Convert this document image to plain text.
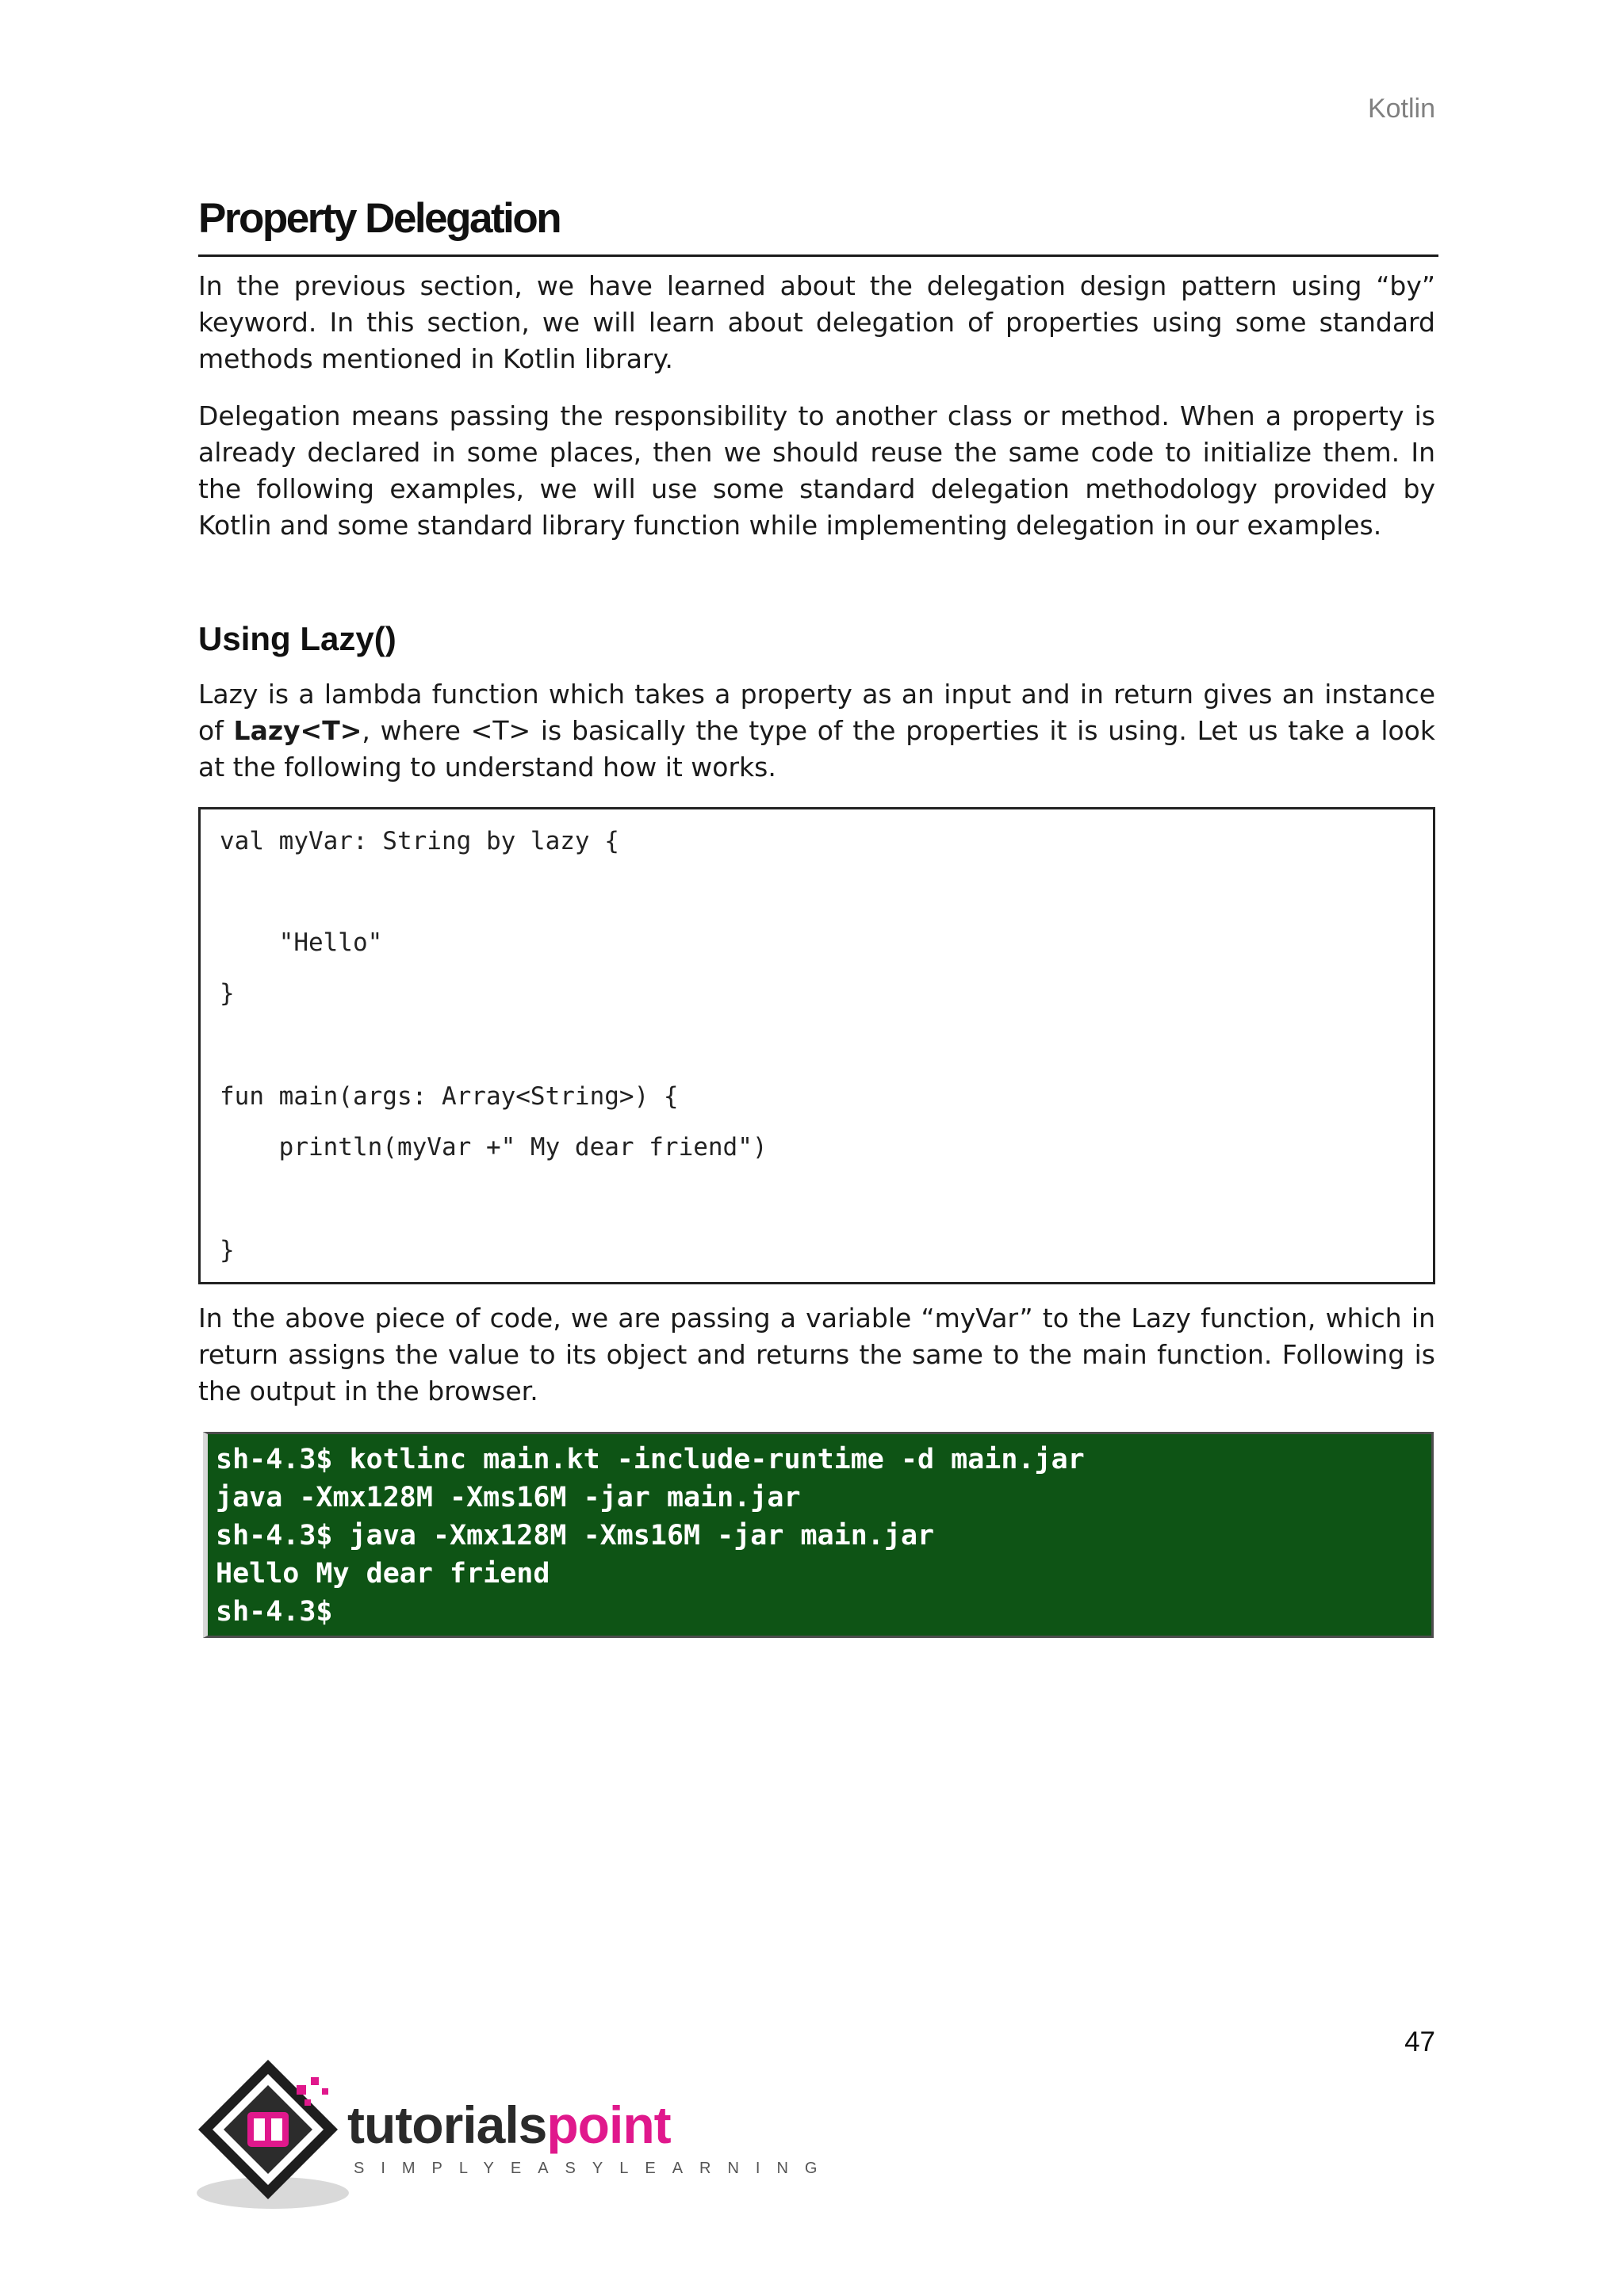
Kotlin
Property Delegation

In the previous section, we have learned about the delegation design pattern using “by” keyword. In this section, we will learn about delegation of properties using some standard methods mentioned in Kotlin library.

Delegation means passing the responsibility to another class or method. When a property is already declared in some places, then we should reuse the same code to initialize them. In the following examples, we will use some standard delegation methodology provided by Kotlin and some standard library function while implementing delegation in our examples.

Using Lazy()

Lazy is a lambda function which takes a property as an input and in return gives an instance of Lazy<T>, where <T> is basically the type of the properties it is using. Let us take a look at the following to understand how it works.

val myVar: String by lazy {
"Hello"
}
fun main(args: Array<String>) {
println(myVar +" My dear friend")
}

In the above piece of code, we are passing a variable “myVar” to the Lazy function, which in return assigns the value to its object and returns the same to the main function. Following is the output in the browser.

sh-4.3$ kotlinc main.kt -include-runtime -d main.jar
java -Xmx128M -Xms16M -jar main.jar
sh-4.3$ java -Xmx128M -Xms16M -jar main.jar
Hello My dear friend
sh-4.3$
47
tutorialspoint
SIMPLYEASYLEARNING
